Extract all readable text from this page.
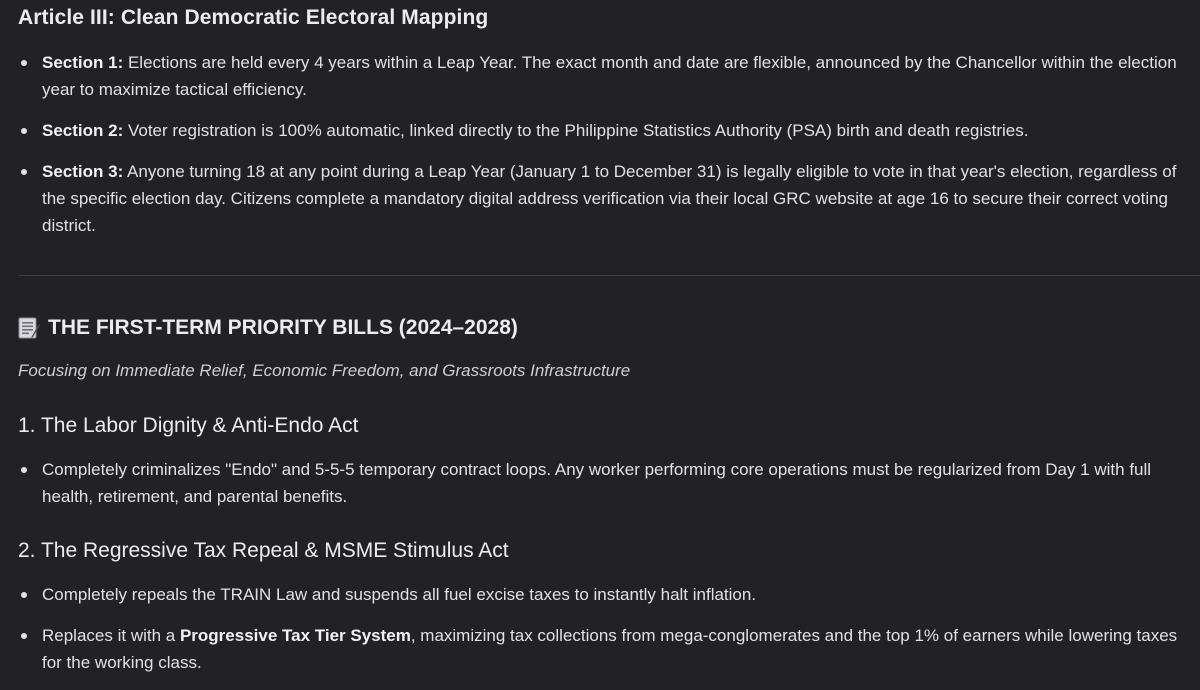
Article III: Clean Democratic Electoral Mapping
Section 1: Elections are held every 4 years within a Leap Year. The exact month and date are flexible, announced by the Chancellor within the election year to maximize tactical efficiency.
Section 2: Voter registration is 100% automatic, linked directly to the Philippine Statistics Authority (PSA) birth and death registries.
Section 3: Anyone turning 18 at any point during a Leap Year (January 1 to December 31) is legally eligible to vote in that year's election, regardless of the specific election day. Citizens complete a mandatory digital address verification via their local GRC website at age 16 to secure their correct voting district.
THE FIRST-TERM PRIORITY BILLS (2024–2028)
Focusing on Immediate Relief, Economic Freedom, and Grassroots Infrastructure
1. The Labor Dignity & Anti-Endo Act
Completely criminalizes "Endo" and 5-5-5 temporary contract loops. Any worker performing core operations must be regularized from Day 1 with full health, retirement, and parental benefits.
2. The Regressive Tax Repeal & MSME Stimulus Act
Completely repeals the TRAIN Law and suspends all fuel excise taxes to instantly halt inflation.
Replaces it with a Progressive Tax Tier System, maximizing tax collections from mega-conglomerates and the top 1% of earners while lowering taxes for the working class.
